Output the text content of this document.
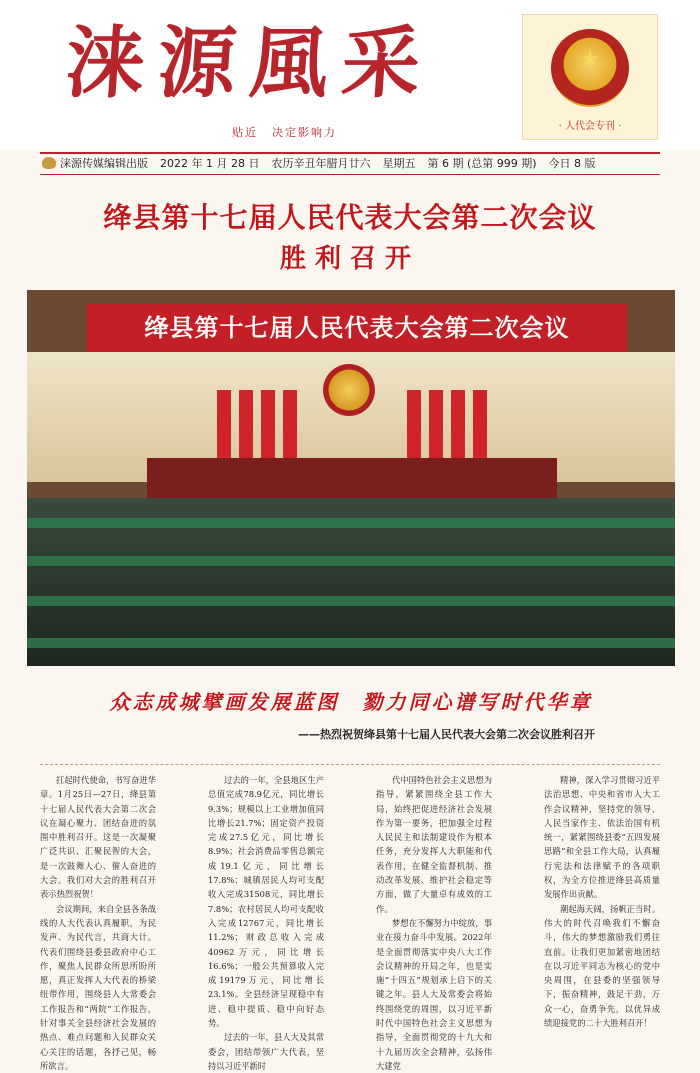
涞源風采
贴近 决定影响力
★
· 人代会专刊 ·
涞源传媒编辑出版 2022 年 1 月 28 日 农历辛丑年腊月廿六 星期五 第 6 期 (总第 999 期) 今日 8 版
绛县第十七届人民代表大会第二次会议
胜利召开
绛县第十七届人民代表大会第二次会议
众志成城擘画发展蓝图　勠力同心谱写时代华章
——热烈祝贺绛县第十七届人民代表大会第二次会议胜利召开

扛起时代使命，书写奋进华章。1月25日—27日，绛县第十七届人民代表大会第二次会议在凝心聚力、团结奋进的氛围中胜利召开。这是一次凝聚广泛共识、汇聚民智的大会，是一次鼓舞人心、催人奋进的大会。我们对大会的胜利召开表示热烈祝贺！

会议期间，来自全县各条战线的人大代表认真履职，为民发声、为民代言，共商大计。代表们围绕县委县政府中心工作，聚焦人民群众所思所盼所愿，真正发挥人大代表的桥梁纽带作用，围绕县人大常委会工作报告和“两院”工作报告，针对事关全县经济社会发展的热点、难点问题和人民群众关心关注的话题，各抒己见，畅所欲言。

过去的一年，全县地区生产总值完成78.9亿元，同比增长9.3%；规模以上工业增加值同比增长21.7%；固定资产投资完成27.5亿元，同比增长8.9%；社会消费品零售总额完成19.1亿元，同比增长17.8%；城镇居民人均可支配收入完成31508元，同比增长7.8%；农村居民人均可支配收入完成12767元，同比增长11.2%；财政总收入完成40962万元，同比增长16.6%；一般公共预算收入完成19179万元，同比增长23.1%。全县经济呈现稳中有进、稳中提质、稳中向好态势。

过去的一年，县人大及其常委会，团结带领广大代表，坚持以习近平新时

代中国特色社会主义思想为指导，紧紧围绕全县工作大局，始终把促进经济社会发展作为第一要务，把加强全过程人民民主和法制建设作为根本任务，充分发挥人大职能和代表作用，在健全监督机制、推动改革发展、维护社会稳定等方面，做了大量卓有成效的工作。

梦想在不懈努力中绽放，事业在接力奋斗中发展。2022年是全面贯彻落实中央八大工作会议精神的开局之年，也是实施“十四五”规划承上启下的关键之年。县人大及常委会将始终围绕党的周围，以习近平新时代中国特色社会主义思想为指导，全面贯彻党的十九大和十九届历次全会精神，弘扬伟大建党

精神，深入学习贯彻习近平法治思想、中央和省市人大工作会议精神，坚持党的领导、人民当家作主、依法治国有机统一，紧紧围绕县委“五四发展思路”和全县工作大局，认真履行宪法和法律赋予的各项职权，为全方位推进绛县高质量发展作出贡献。

潮起海天阔，扬帆正当时。伟大的时代召唤我们不懈奋斗，伟大的梦想激励我们勇往直前。让我们更加紧密地团结在以习近平同志为核心的党中央周围，在县委的坚强领导下，振奋精神，鼓足干劲，万众一心，奋勇争先，以优异成绩迎接党的二十大胜利召开！
